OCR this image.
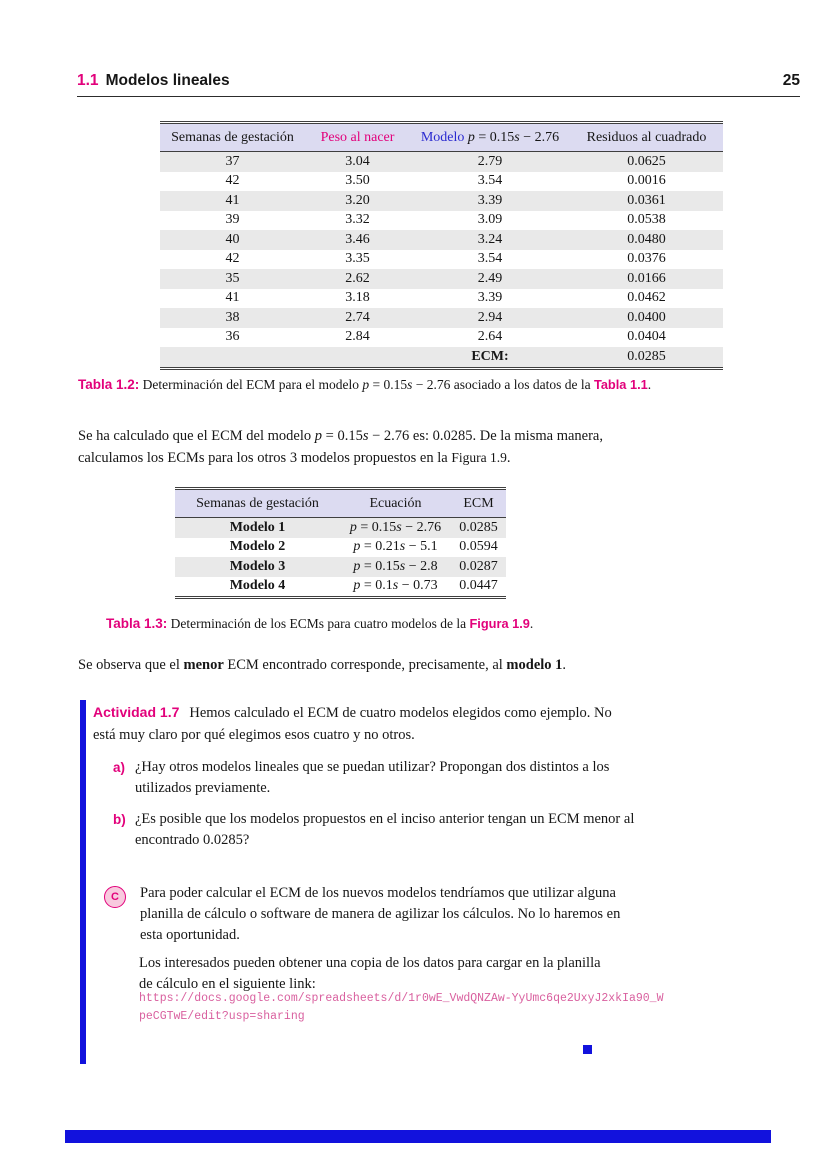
1.1 Modelos lineales	25
Semanas de gestación	Peso al nacer	Modelo p = 0.15s − 2.76	Residuos al cuadrado
37	3.04	2.79	0.0625
42	3.50	3.54	0.0016
41	3.20	3.39	0.0361
39	3.32	3.09	0.0538
40	3.46	3.24	0.0480
42	3.35	3.54	0.0376
35	2.62	2.49	0.0166
41	3.18	3.39	0.0462
38	2.74	2.94	0.0400
36	2.84	2.64	0.0404
		ECM:	0.0285
Tabla 1.2: Determinación del ECM para el modelo p = 0.15s − 2.76 asociado a los datos de la Tabla 1.1.
Se ha calculado que el ECM del modelo p = 0.15s − 2.76 es: 0.0285. De la misma manera, calculamos los ECMs para los otros 3 modelos propuestos en la Figura 1.9.
Semanas de gestación	Ecuación	ECM
Modelo 1	p = 0.15s − 2.76	0.0285
Modelo 2	p = 0.21s − 5.1	0.0594
Modelo 3	p = 0.15s − 2.8	0.0287
Modelo 4	p = 0.1s − 0.73	0.0447
Tabla 1.3: Determinación de los ECMs para cuatro modelos de la Figura 1.9.
Se observa que el menor ECM encontrado corresponde, precisamente, al modelo 1.
Actividad 1.7 Hemos calculado el ECM de cuatro modelos elegidos como ejemplo. No está muy claro por qué elegimos esos cuatro y no otros.
a) ¿Hay otros modelos lineales que se puedan utilizar? Propongan dos distintos a los utilizados previamente.
b) ¿Es posible que los modelos propuestos en el inciso anterior tengan un ECM menor al encontrado 0.0285?
C	Para poder calcular el ECM de los nuevos modelos tendríamos que utilizar alguna planilla de cálculo o software de manera de agilizar los cálculos. No lo haremos en esta oportunidad.
Los interesados pueden obtener una copia de los datos para cargar en la planilla de cálculo en el siguiente link:
https://docs.google.com/spreadsheets/d/1r0wE_VwdQNZAw-YyUmc6qe2UxyJ2xkIa90_WpeCGTwE/edit?usp=sharing
